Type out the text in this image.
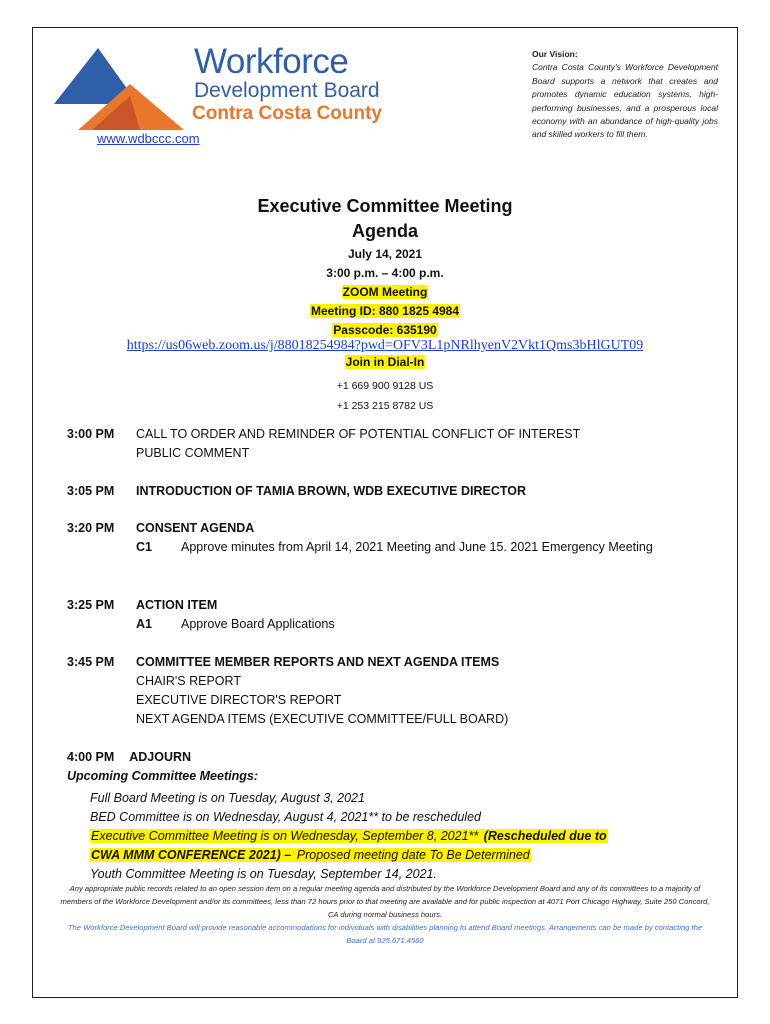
Workforce
Development Board
Contra Costa County
www.wdbccc.com
Our Vision:
Contra Costa County's Workforce Development Board supports a network that creates and promotes dynamic education systems, high-performing businesses, and a prosperous local economy with an abundance of high-quality jobs and skilled workers to fill them.
Executive Committee Meeting
Agenda
July 14, 2021
3:00 p.m. – 4:00 p.m.
ZOOM Meeting
Meeting ID: 880 1825 4984
Passcode: 635190
https://us06web.zoom.us/j/88018254984?pwd=OFV3L1pNRlhyenV2Vkt1Qms3bHlGUT09
Join in Dial-In
+1 669 900 9128 US
+1 253 215 8782 US
3:00 PM CALL TO ORDER AND REMINDER OF POTENTIAL CONFLICT OF INTEREST
PUBLIC COMMENT
3:05 PM INTRODUCTION OF TAMIA BROWN, WDB EXECUTIVE DIRECTOR
3:20 PM CONSENT AGENDA
C1 Approve minutes from April 14, 2021 Meeting and June 15. 2021 Emergency Meeting
3:25 PM ACTION ITEM
A1 Approve Board Applications
3:45 PM COMMITTEE MEMBER REPORTS AND NEXT AGENDA ITEMS
CHAIR'S REPORT
EXECUTIVE DIRECTOR'S REPORT
NEXT AGENDA ITEMS (EXECUTIVE COMMITTEE/FULL BOARD)
4:00 PM ADJOURN
Upcoming Committee Meetings:
Full Board Meeting is on Tuesday, August 3, 2021
BED Committee is on Wednesday, August 4, 2021** to be rescheduled
Executive Committee Meeting is on Wednesday, September 8, 2021** (Rescheduled due to
CWA MMM CONFERENCE 2021) – Proposed meeting date To Be Determined
Youth Committee Meeting is on Tuesday, September 14, 2021.
Any appropriate public records related to an open session item on a regular meeting agenda and distributed by the Workforce Development Board and any of its committees to a majority of members of the Workforce Development and/or its committees, less than 72 hours prior to that meeting are available and for public inspection at 4071 Port Chicago Highway, Suite 250 Concord, CA during normal business hours.
The Workforce Development Board will provide reasonable accommodations for individuals with disabilities planning to attend Board meetings. Arrangements can be made by contacting the Board at 925.671.4560
